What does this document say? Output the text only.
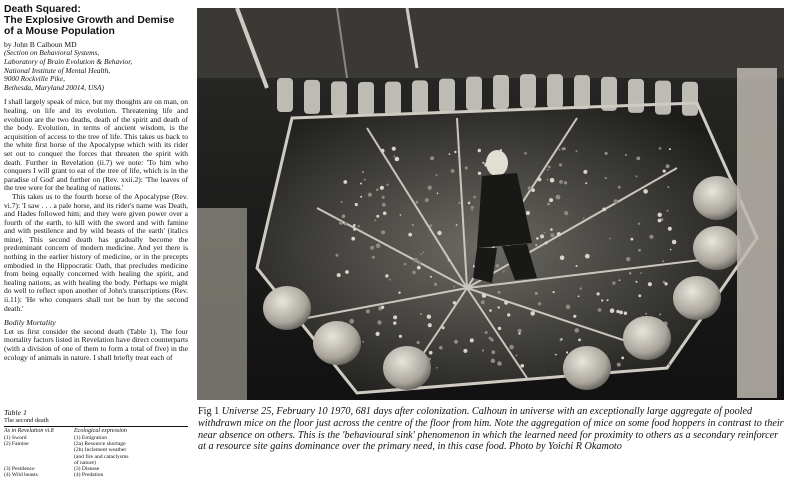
Death Squared:
The Explosive Growth and Demise
of a Mouse Population
by John B Calhoun MD
(Section on Behavioral Systems,
Laboratory of Brain Evolution & Behavior,
National Institute of Mental Health,
9000 Rockville Pike,
Bethesda, Maryland 20014, USA)

I shall largely speak of mice, but my thoughts are on man, on healing, on life and its evolution. Threatening life and evolution are the two deaths, death of the spirit and death of the body. Evolution, in terms of ancient wisdom, is the acquisition of access to the tree of life. This takes us back to the white first horse of the Apocalypse which with its rider set out to conquer the forces that threaten the spirit with death. Further in Revelation (ii.7) we note: 'To him who conquers I will grant to eat of the tree of life, which is in the paradise of God' and further on (Rev. xxii.2): 'The leaves of the tree were for the healing of nations.'

This takes us to the fourth horse of the Apocalypse (Rev. vi.7): 'I saw . . . a pale horse, and its rider's name was Death, and Hades followed him; and they were given power over a fourth of the earth, to kill with the sword and with famine and with pestilence and by wild beasts of the earth' (italics mine). This second death has gradually become the predominant concern of modern medicine. And yet there is nothing in the earlier history of medicine, or in the precepts embodied in the Hippocratic Oath, that precludes medicine from being equally concerned with healing the spirit, and healing nations, as with healing the body. Perhaps we might do well to reflect upon another of John's transcriptions (Rev. ii.11): 'He who conquers shall not be hurt by the second death.'

Bodily Mortality

Let us first consider the second death (Table 1). The four mortality factors listed in Revelation have direct counterparts (with a division of one of them to form a total of five) in the ecology of animals in nature. I shall briefly treat each of

Table 1
The second death
As in Revelation vi.8	Ecological expression
(1) Sword	(1) Emigration
(2) Famine	(2a) Resource shortage
(2b) Inclement weather
(and fire and cataclysms
of nature)
(3) Pestilence	(3) Disease
(4) Wild beasts	(4) Predation
Fig 1 Universe 25, February 10 1970, 681 days after colonization. Calhoun in universe with an exceptionally large aggregate of pooled withdrawn mice on the floor just across the centre of the floor from him. Note the aggregation of mice on some food hoppers in contrast to their near absence on others. This is the 'behavioural sink' phenomenon in which the learned need for proximity to others as a secondary reinforcer at a resource site gains dominance over the primary need, in this case food. Photo by Yoichi R Okamoto
